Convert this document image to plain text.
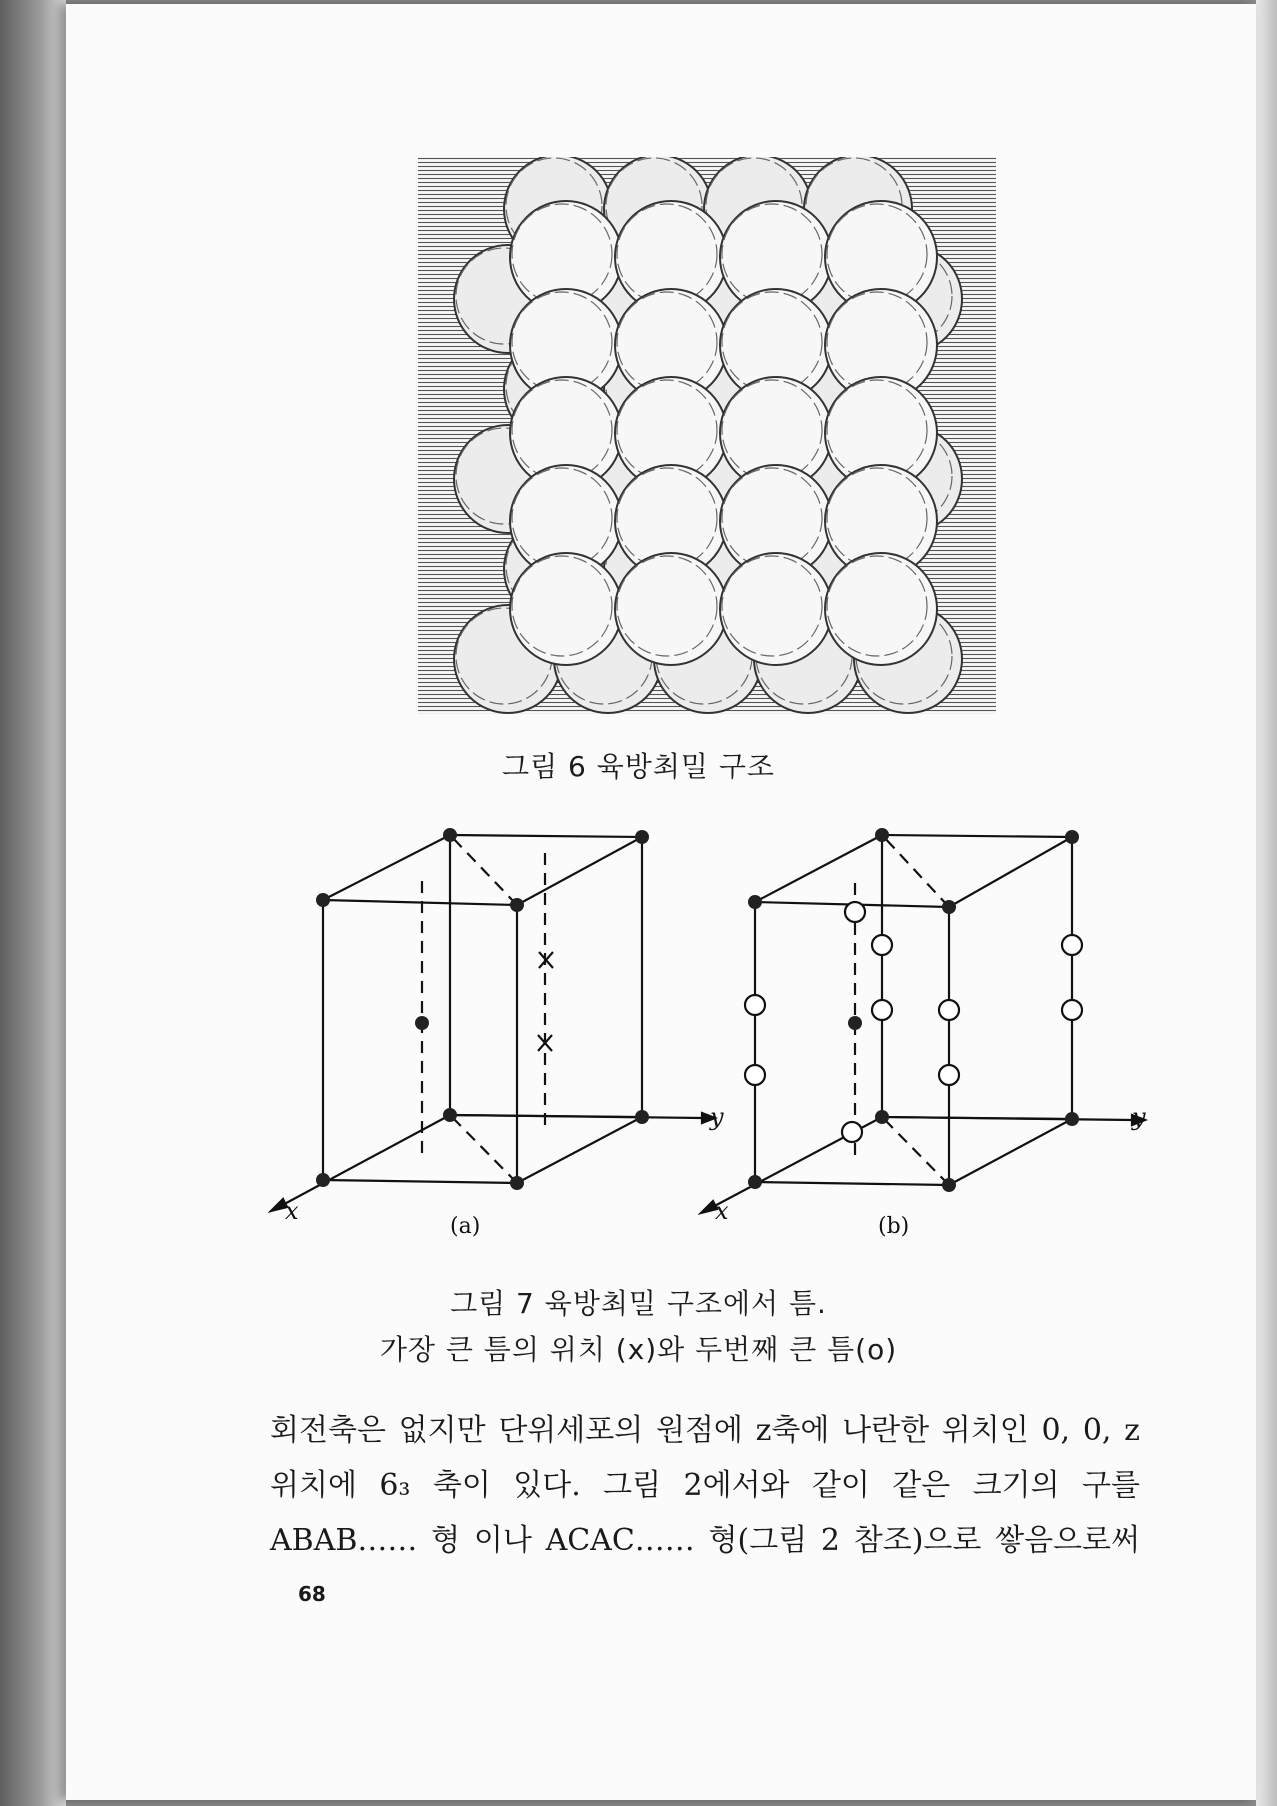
그림 6 육방최밀 구조
y
x
(a)
y
x
(b)
그림 7 육방최밀 구조에서 틈.
가장 큰 틈의 위치 (x)와 두번째 큰 틈(o)
회전축은 없지만 단위세포의 원점에 z축에 나란한 위치인 0, 0, z
위치에 6₃ 축이 있다. 그림 2에서와 같이 같은 크기의 구를
ABAB…… 형 이나 ACAC…… 형(그림 2 참조)으로 쌓음으로써
68
